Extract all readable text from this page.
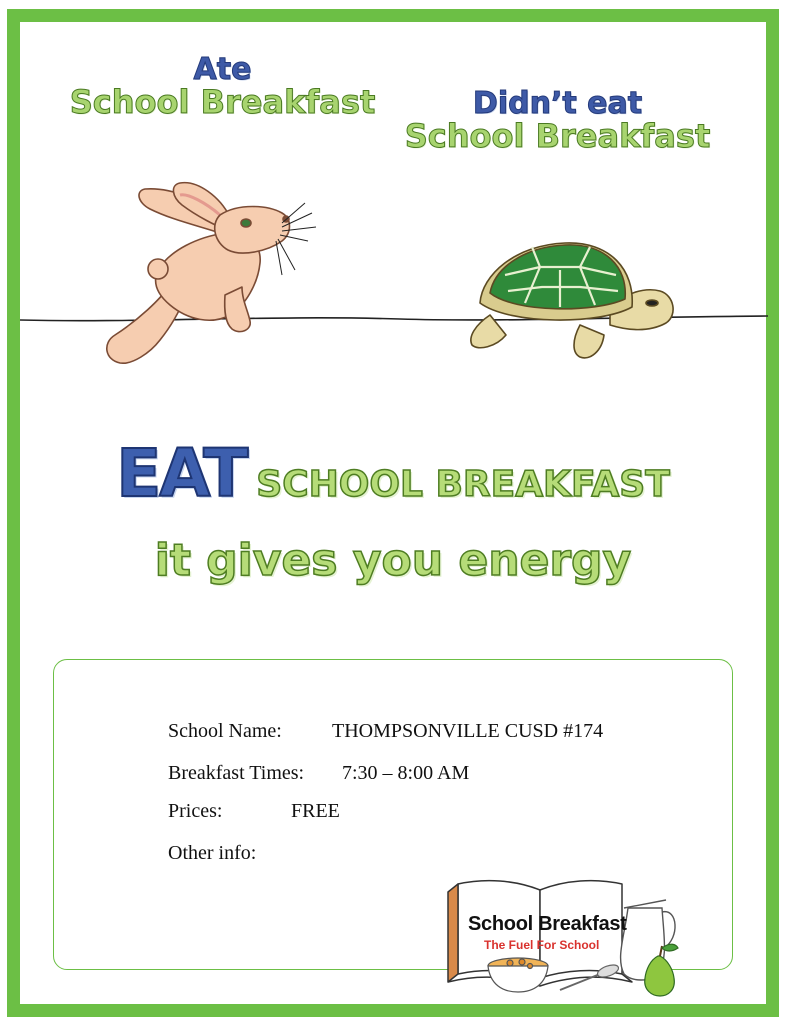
Ate
School Breakfast	Didn’t eat
School Breakfast
EAT SCHOOL BREAKFAST
it gives you energy
School Name:	THOMPSONVILLE CUSD #174
Breakfast Times: 7:30 – 8:00 AM
Prices:	FREE
Other info:
School Breakfast
The Fuel For School
